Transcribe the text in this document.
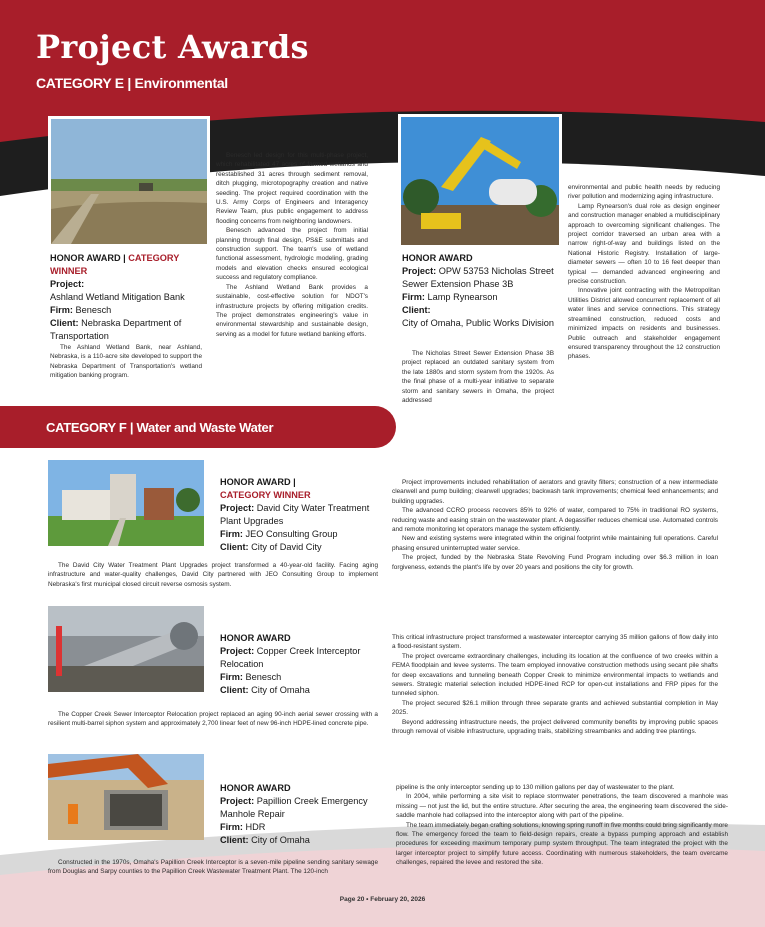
Project Awards
CATEGORY E | Environmental
HONOR AWARD | CATEGORY WINNER
Project:
Ashland Wetland Mitigation Bank
Firm: Benesch
Client: Nebraska Department of Transportation

The Ashland Wetland Bank, near Ashland, Nebraska, is a 110-acre site developed to support the Nebraska Department of Transportation's wetland mitigation banking program.

Benesch led design for this multi-phase project, which rehabilitated 47 acres of farmed wetlands and reestablished 31 acres through sediment removal, ditch plugging, microtopography creation and native seeding. The project required coordination with the U.S. Army Corps of Engineers and Interagency Review Team, plus public engagement to address flooding concerns from neighboring landowners.

Benesch advanced the project from initial planning through final design, PS&E submittals and construction support. The team's use of wetland functional assessment, hydrologic modeling, grading models and elevation checks ensured ecological success and regulatory compliance.

The Ashland Wetland Bank provides a sustainable, cost-effective solution for NDOT's infrastructure projects by offering mitigation credits. The project demonstrates engineering's value in environmental stewardship and sustainable design, serving as a model for future wetland banking efforts.

HONOR AWARD
Project: OPW 53753 Nicholas Street Sewer Extension Phase 3B
Firm: Lamp Rynearson
Client:
City of Omaha, Public Works Division

The Nicholas Street Sewer Extension Phase 3B project replaced an outdated sanitary system from the late 1880s and storm system from the 1920s. As the final phase of a multi-year initiative to separate storm and sanitary sewers in Omaha, the project addressed

environmental and public health needs by reducing river pollution and modernizing aging infrastructure.

Lamp Rynearson's dual role as design engineer and construction manager enabled a multidisciplinary approach to overcoming significant challenges. The project corridor traversed an urban area with a narrow right-of-way and buildings listed on the National Historic Registry. Installation of large-diameter sewers — often 10 to 16 feet deeper than typical — demanded advanced engineering and precise construction.

Innovative joint contracting with the Metropolitan Utilities District allowed concurrent replacement of all water lines and service connections. This strategy streamlined construction, reduced costs and minimized impacts on residents and businesses. Public outreach and stakeholder engagement ensured transparency throughout the 12 construction phases.

CATEGORY F | Water and Waste Water
HONOR AWARD |
CATEGORY WINNER
Project: David City Water Treatment Plant Upgrades
Firm: JEO Consulting Group
Client: City of David City

The David City Water Treatment Plant Upgrades project transformed a 40-year-old facility. Facing aging infrastructure and water-quality challenges, David City partnered with JEO Consulting Group to implement Nebraska's first municipal closed circuit reverse osmosis system.

Project improvements included rehabilitation of aerators and gravity filters; construction of a new intermediate clearwell and pump building; clearwell upgrades; backwash tank improvements; chemical feed enhancements; and building upgrades.

The advanced CCRO process recovers 85% to 92% of water, compared to 75% in traditional RO systems, reducing waste and easing strain on the wastewater plant. A degassifier reduces chemical use. Automated controls and remote monitoring let operators manage the system efficiently.

New and existing systems were integrated within the original footprint while maintaining full operations. Careful phasing ensured uninterrupted water service.

The project, funded by the Nebraska State Revolving Fund Program including over $6.3 million in loan forgiveness, extends the plant's life by over 20 years and positions the city for growth.

HONOR AWARD
Project: Copper Creek Interceptor Relocation
Firm: Benesch
Client: City of Omaha

The Copper Creek Sewer Interceptor Relocation project replaced an aging 90-inch aerial sewer crossing with a resilient multi-barrel siphon system and approximately 2,700 linear feet of new 96-inch HDPE-lined concrete pipe.

This critical infrastructure project transformed a wastewater interceptor carrying 35 million gallons of flow daily into a flood-resistant system.

The project overcame extraordinary challenges, including its location at the confluence of two creeks within a FEMA floodplain and levee systems. The team employed innovative construction methods using secant pile shafts for deep excavations and tunneling beneath Copper Creek to minimize environmental impacts to wetlands and sewers. Strategic material selection included HDPE-lined RCP for open-cut installations and FRP pipes for the tunneled siphon.

The project secured $26.1 million through three separate grants and achieved substantial completion in May 2025.

Beyond addressing infrastructure needs, the project delivered community benefits by improving public spaces through removal of visible infrastructure, upgrading trails, stabilizing streambanks and adding tree plantings.

HONOR AWARD
Project: Papillion Creek Emergency Manhole Repair
Firm: HDR
Client: City of Omaha

Constructed in the 1970s, Omaha's Papillion Creek Interceptor is a seven-mile pipeline sending sanitary sewage from Douglas and Sarpy counties to the Papillion Creek Wastewater Treatment Plant. The 120-inch

pipeline is the only interceptor sending up to 130 million gallons per day of wastewater to the plant.

In 2004, while performing a site visit to replace stormwater penetrations, the team discovered a manhole was missing — not just the lid, but the entire structure. After securing the area, the engineering team discovered the side-saddle manhole had collapsed into the interceptor along with part of the pipeline.

The team immediately began crafting solutions, knowing spring runoff in five months could bring significantly more flow. The emergency forced the team to field-design repairs, create a bypass pumping approach and establish procedures for exceeding maximum temporary pump system throughput. The team integrated the project with the larger interceptor project to simplify future access. Coordinating with numerous stakeholders, the team overcame challenges, repaired the levee and restored the site.

Page 20 • February 20, 2026
